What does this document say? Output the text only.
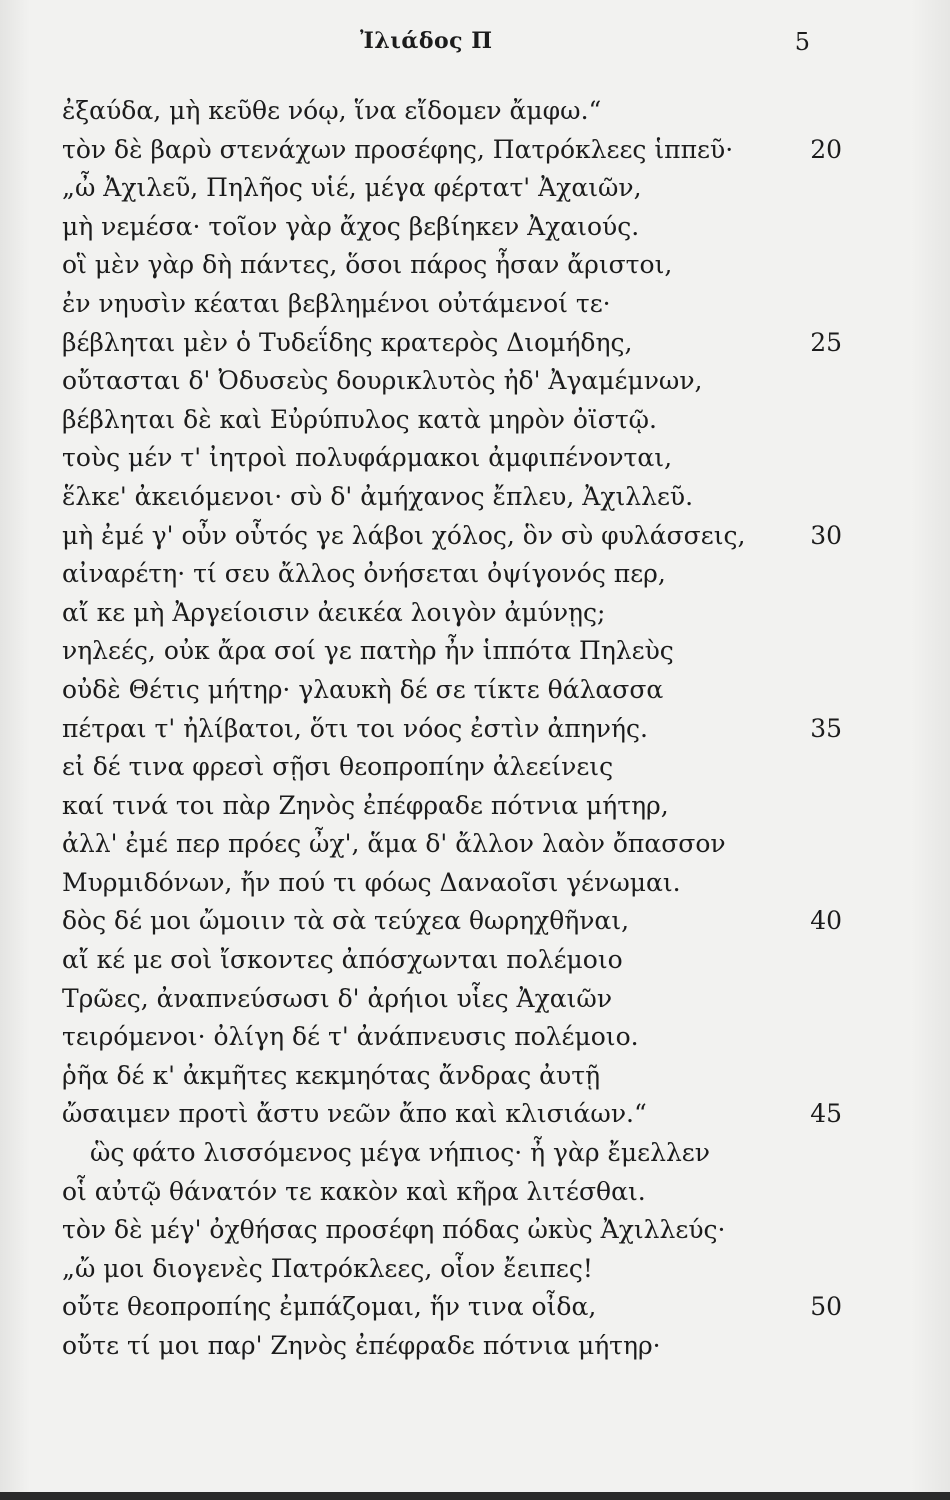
Ἰλιάδος Π	5
ἐξαύδα, μὴ κεῦθε νόῳ, ἵνα εἴδομεν ἄμφω.“
τὸν δὲ βαρὺ στενάχων προσέφης, Πατρόκλεες ἱππεῦ·	20
„ὦ Ἀχιλεῦ, Πηλῆος υἱέ, μέγα φέρτατ' Ἀχαιῶν,
μὴ νεμέσα· τοῖον γὰρ ἄχος βεβίηκεν Ἀχαιούς.
οἳ μὲν γὰρ δὴ πάντες, ὅσοι πάρος ἦσαν ἄριστοι,
ἐν νηυσὶν κέαται βεβλημένοι οὐτάμενοί τε·
βέβληται μὲν ὁ Τυδεΐδης κρατερὸς Διομήδης,	25
οὔτασται δ' Ὀδυσεὺς δουρικλυτὸς ἠδ' Ἀγαμέμνων,
βέβληται δὲ καὶ Εὐρύπυλος κατὰ μηρὸν ὀϊστῷ.
τοὺς μέν τ' ἰητροὶ πολυφάρμακοι ἀμφιπένονται,
ἕλκε' ἀκειόμενοι· σὺ δ' ἀμήχανος ἔπλευ, Ἀχιλλεῦ.
μὴ ἐμέ γ' οὖν οὗτός γε λάβοι χόλος, ὃν σὺ φυλάσσεις,	30
αἰναρέτη· τί σευ ἄλλος ὀνήσεται ὀψίγονός περ,
αἴ κε μὴ Ἀργείοισιν ἀεικέα λοιγὸν ἀμύνῃς;
νηλεές, οὐκ ἄρα σοί γε πατὴρ ἦν ἱππότα Πηλεὺς
οὐδὲ Θέτις μήτηρ· γλαυκὴ δέ σε τίκτε θάλασσα
πέτραι τ' ἠλίβατοι, ὅτι τοι νόος ἐστὶν ἀπηνής.	35
εἰ δέ τινα φρεσὶ σῇσι θεοπροπίην ἀλεείνεις
καί τινά τοι πὰρ Ζηνὸς ἐπέφραδε πότνια μήτηρ,
ἀλλ' ἐμέ περ πρόες ὦχ', ἅμα δ' ἄλλον λαὸν ὄπασσον
Μυρμιδόνων, ἤν πού τι φόως Δαναοῖσι γένωμαι.
δὸς δέ μοι ὤμοιιν τὰ σὰ τεύχεα θωρηχθῆναι,	40
αἴ κέ με σοὶ ἴσκοντες ἀπόσχωνται πολέμοιο
Τρῶες, ἀναπνεύσωσι δ' ἀρήιοι υἷες Ἀχαιῶν
τειρόμενοι· ὀλίγη δέ τ' ἀνάπνευσις πολέμοιο.
ῥῆα δέ κ' ἀκμῆτες κεκμηότας ἄνδρας ἀυτῇ
ὤσαιμεν προτὶ ἄστυ νεῶν ἄπο καὶ κλισιάων.“	45
ὣς φάτο λισσόμενος μέγα νήπιος· ἦ γὰρ ἔμελλεν
οἷ αὐτῷ θάνατόν τε κακὸν καὶ κῆρα λιτέσθαι.
τὸν δὲ μέγ' ὀχθήσας προσέφη πόδας ὠκὺς Ἀχιλλεύς·
„ὤ μοι διογενὲς Πατρόκλεες, οἷον ἔειπες!
οὔτε θεοπροπίης ἐμπάζομαι, ἥν τινα οἶδα,	50
οὔτε τί μοι παρ' Ζηνὸς ἐπέφραδε πότνια μήτηρ·
